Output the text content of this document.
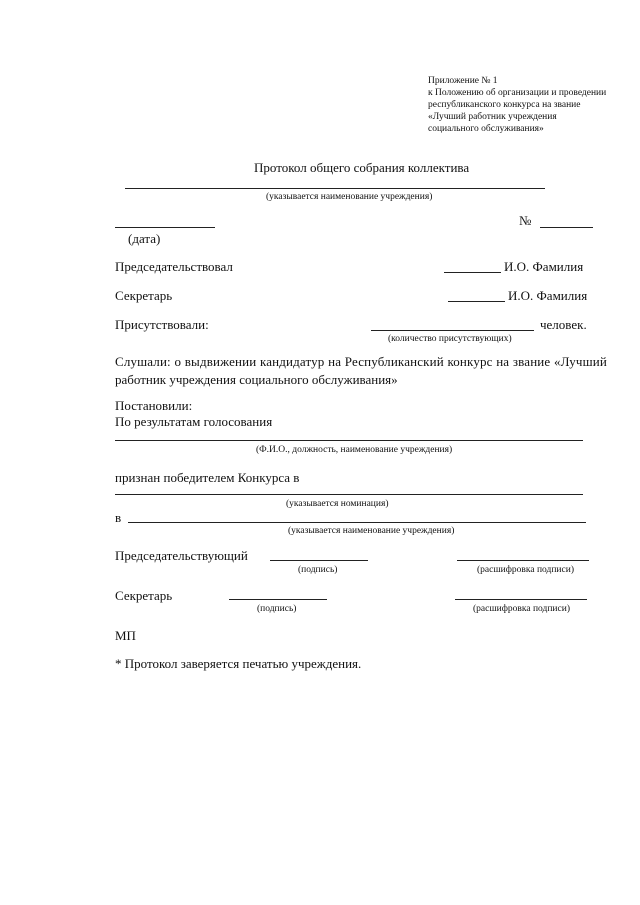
Приложение № 1
к Положению об организации и проведении
республиканского конкурса на звание
«Лучший работник учреждения
социального обслуживания»
Протокол общего собрания коллектива
(указывается наименование учреждения)
№
(дата)
Председательствовал	И.О. Фамилия
Секретарь	И.О. Фамилия
Присутствовали:	человек.
(количество присутствующих)
Слушали: о выдвижении кандидатур на Республиканский конкурс на звание «Лучший
работник учреждения социального обслуживания»
Постановили:
По результатам голосования
(Ф.И.О., должность, наименование учреждения)
признан победителем Конкурса в
(указывается номинация)
в
(указывается наименование учреждения)
Председательствующий
(подпись)	(расшифровка подписи)
Секретарь
(подпись)	(расшифровка подписи)
МП
* Протокол заверяется печатью учреждения.
